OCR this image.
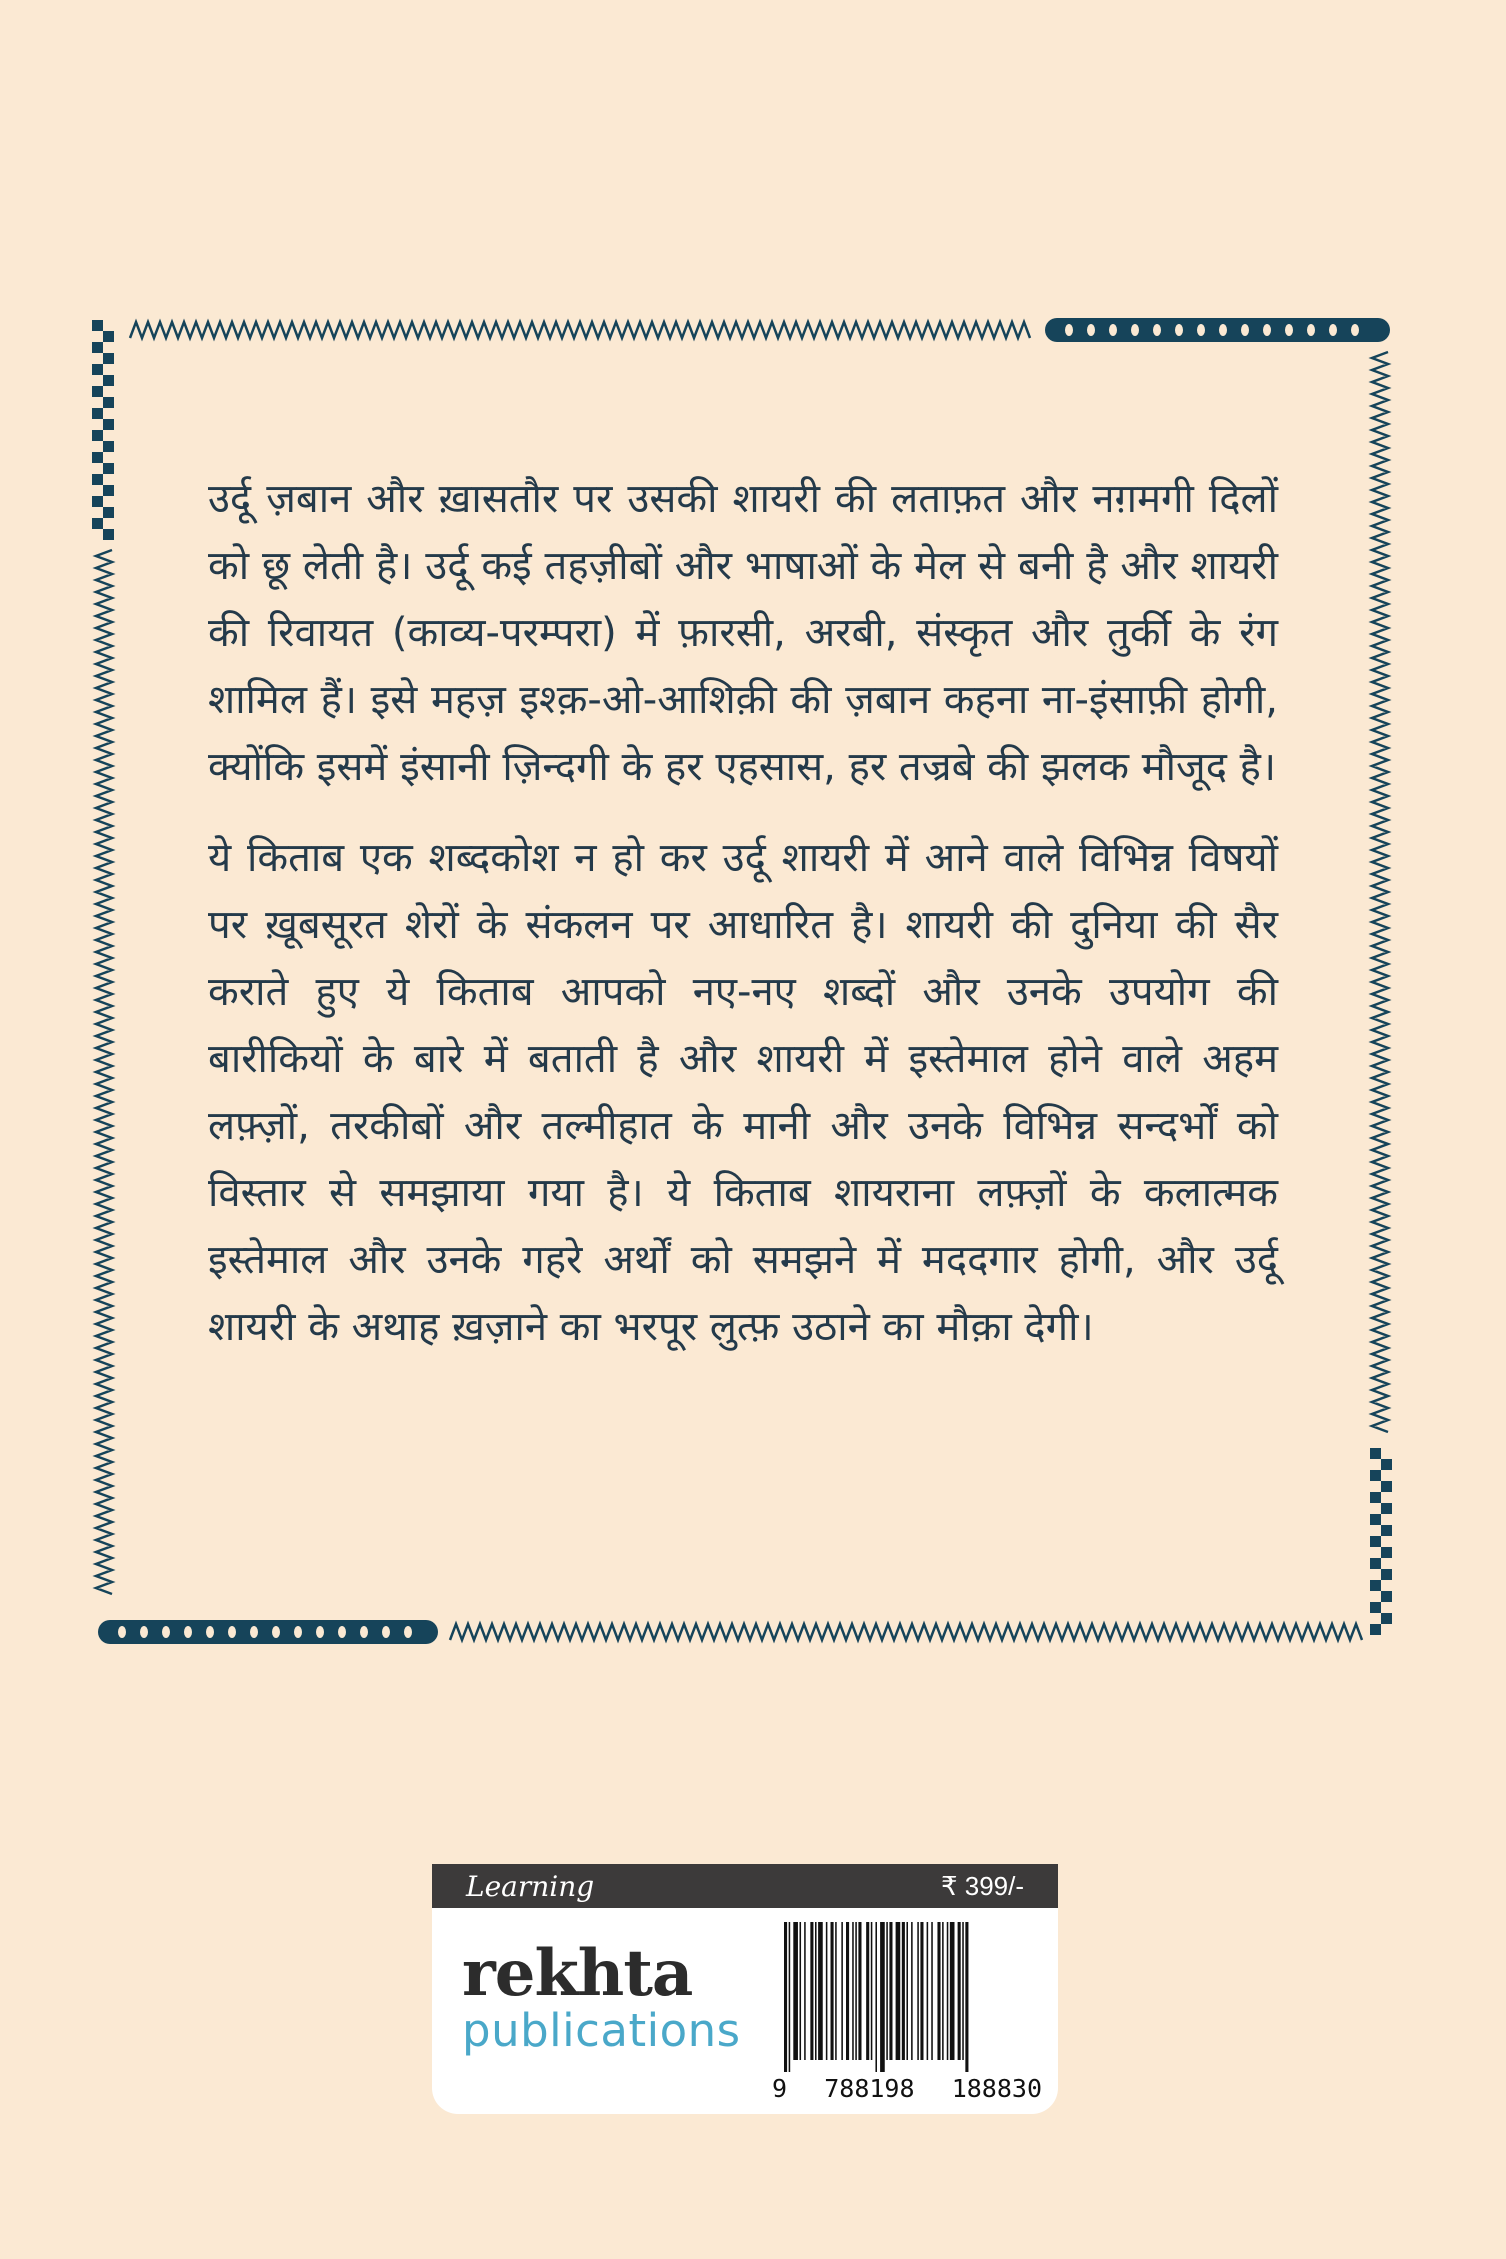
उर्दू ज़बान और ख़ासतौर पर उसकी शायरी की लताफ़त और नग़मगी दिलों को छू लेती है। उर्दू कई तहज़ीबों और भाषाओं के मेल से बनी है और शायरी की रिवायत (काव्य-परम्परा) में फ़ारसी, अरबी, संस्कृत और तुर्की के रंग शामिल हैं। इसे महज़ इश्क़-ओ-आशिक़ी की ज़बान कहना ना-इंसाफ़ी होगी, क्योंकि इसमें इंसानी ज़िन्दगी के हर एहसास, हर तज्रबे की झलक मौजूद है।

ये किताब एक शब्दकोश न हो कर उर्दू शायरी में आने वाले विभिन्न विषयों पर ख़ूबसूरत शेरों के संकलन पर आधारित है। शायरी की दुनिया की सैर कराते हुए ये किताब आपको नए-नए शब्दों और उनके उपयोग की बारीकियों के बारे में बताती है और शायरी में इस्तेमाल होने वाले अहम लफ़्ज़ों, तरकीबों और तल्मीहात के मानी और उनके विभिन्न सन्दर्भों को विस्तार से समझाया गया है। ये किताब शायराना लफ़्ज़ों के कलात्मक इस्तेमाल और उनके गहरे अर्थों को समझने में मददगार होगी, और उर्दू शायरी के अथाह ख़ज़ाने का भरपूर लुत्फ़ उठाने का मौक़ा देगी।

Learning	₹ 399/-
rekhta
publications
9 788198 188830
